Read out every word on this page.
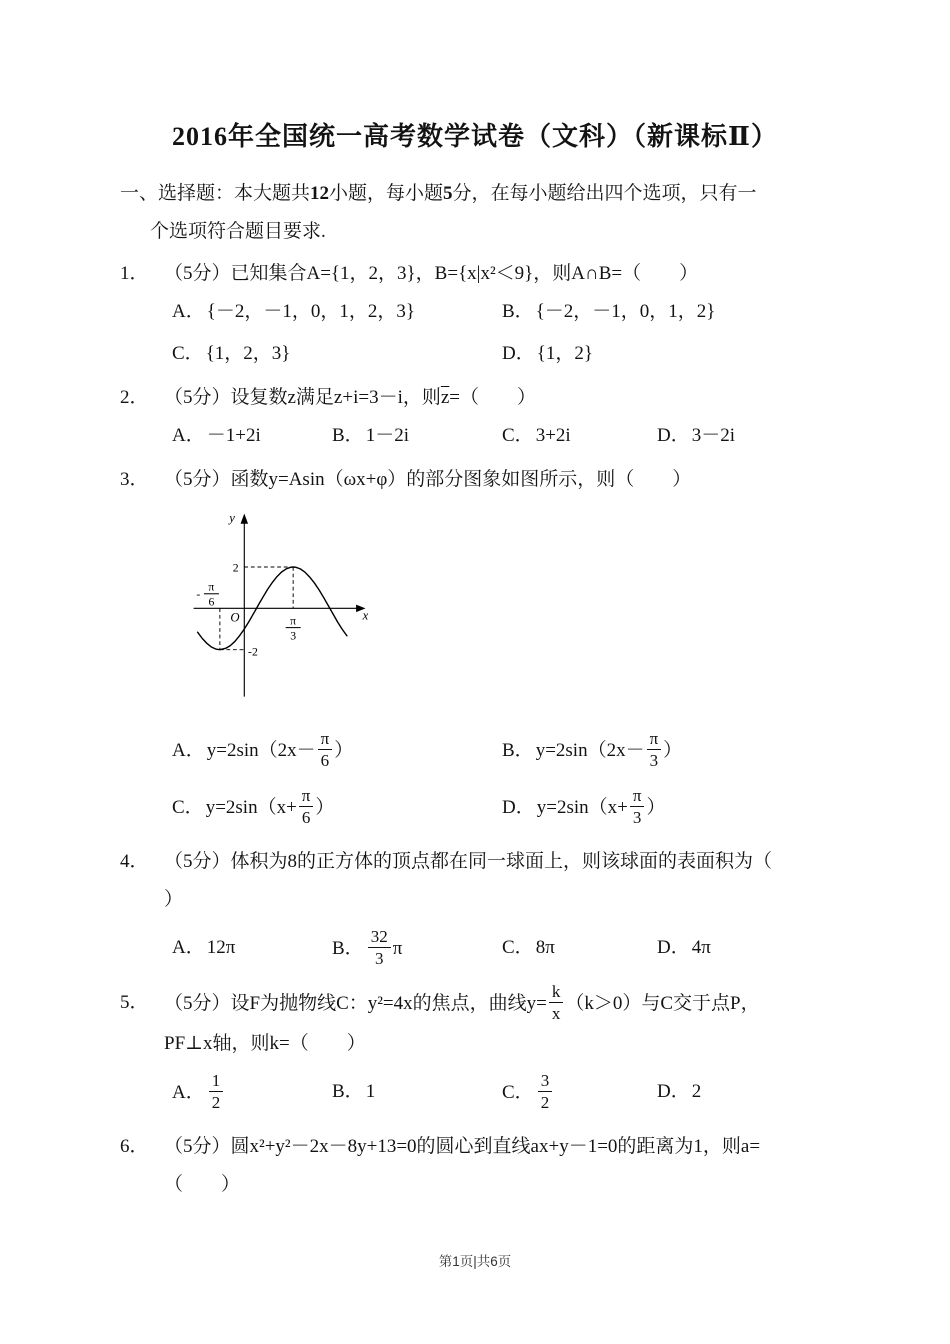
2016年全国统一高考数学试卷（文科）（新课标Ⅱ）
一、选择题：本大题共12小题，每小题5分，在每小题给出四个选项，只有一
个选项符合题目要求.
1． （5分）已知集合A={1，2，3}，B={x|x²＜9}，则A∩B=（　　）
A． {－2，－1，0，1，2，3}	B． {－2，－1，0，1，2}
C． {1，2，3}	D． {1，2}
2． （5分）设复数z满足z+i=3－i，则$\overline{z}=$（　　）
A． －1+2i	B． 1－2i	C． 3+2i	D． 3－2i
3． （5分）函数y=Asin（ωx+φ）的部分图象如图所示，则（　　）
y
x
O
2
-2
-
π
6
π
3
A． $y=2\sin(2x- \frac{\pi}{6}$ ）	B． $y=2\sin(2x- \frac{\pi}{3}$ ）
C． $y=2\sin(x+ \frac{\pi}{6}$ ）	D． $y=2\sin(x+ \frac{\pi}{3}$ ）
4． （5分）体积为8的正方体的顶点都在同一球面上，则该球面的表面积为（
）
A． 12π	B． $\frac{32}{3}$ π	C． 8π	D． 4π
5． （5分）设F为抛物线C：y²=4x的焦点，曲线$y= \frac{k}{x} (k>0)$与C交于点P，
PF⊥x轴，则k=（　　）
A． $\frac{1}{2}$	B． 1	C． $\frac{3}{2}$	D． 2
6． （5分）圆x²+y²－2x－8y+13=0的圆心到直线ax+y－1=0的距离为1，则a=
（　　）
第1页|共6页
